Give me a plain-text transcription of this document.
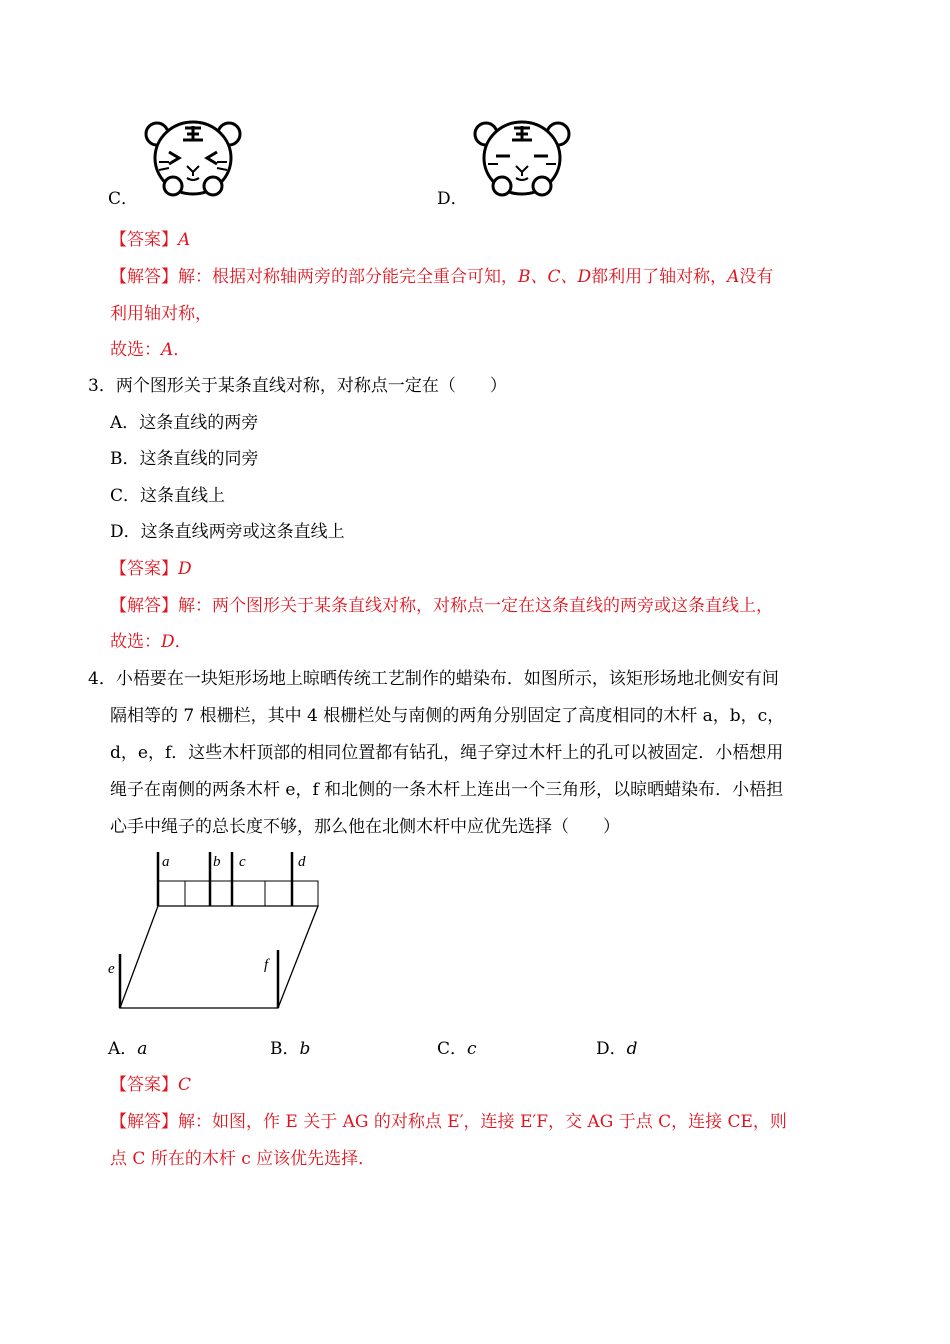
C．	D．
【答案】A
【解答】解：根据对称轴两旁的部分能完全重合可知，B、C、D都利用了轴对称，A没有
利用轴对称，
故选：A．
3．两个图形关于某条直线对称，对称点一定在（　　）
A．这条直线的两旁
B．这条直线的同旁
C．这条直线上
D．这条直线两旁或这条直线上
【答案】D
【解答】解：两个图形关于某条直线对称，对称点一定在这条直线的两旁或这条直线上，
故选：D．
4．小梧要在一块矩形场地上晾晒传统工艺制作的蜡染布．如图所示，该矩形场地北侧安有间
隔相等的 7 根栅栏，其中 4 根栅栏处与南侧的两角分别固定了高度相同的木杆 a，b，c，
d，e，f．这些木杆顶部的相同位置都有钻孔，绳子穿过木杆上的孔可以被固定．小梧想用
绳子在南侧的两条木杆 e，f 和北侧的一条木杆上连出一个三角形，以晾晒蜡染布．小梧担
心手中绳子的总长度不够，那么他在北侧木杆中应优先选择（　　）
a	b c	d
e	f
A．a	B．b	C．c	D．d
【答案】C
【解答】解：如图，作 E 关于 AG 的对称点 E′，连接 E′F，交 AG 于点 C，连接 CE，则
点 C 所在的木杆 c 应该优先选择．
